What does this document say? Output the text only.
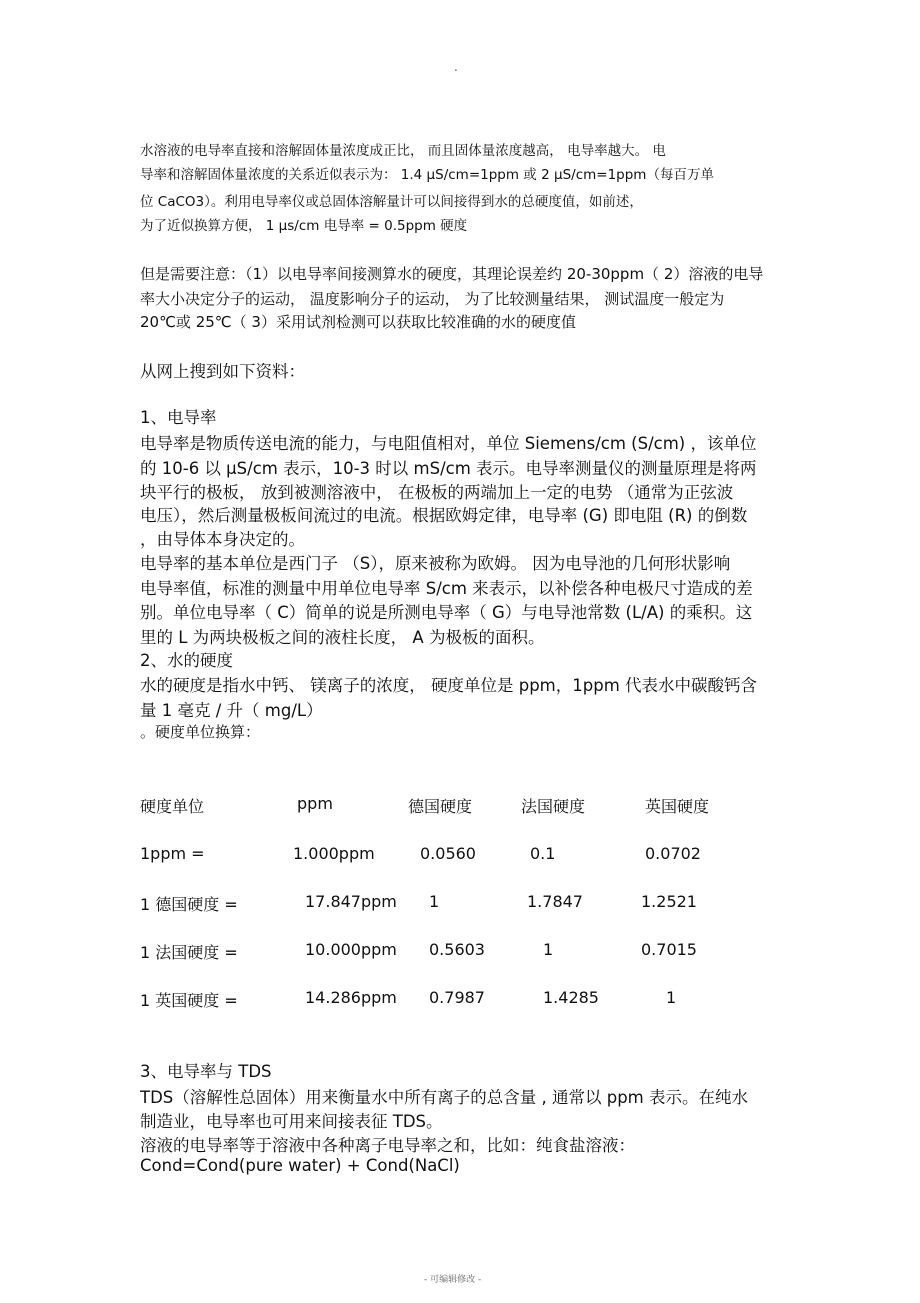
.
水溶液的电导率直接和溶解固体量浓度成正比， 而且固体量浓度越高， 电导率越大。 电
导率和溶解固体量浓度的关系近似表示为： 1.4 μS/cm=1ppm 或 2 μS/cm=1ppm（每百万单
位 CaCO3）。利用电导率仪或总固体溶解量计可以间接得到水的总硬度值，如前述，
为了近似换算方便， 1 μs/cm 电导率 = 0.5ppm 硬度
但是需要注意：（1）以电导率间接测算水的硬度，其理论误差约 20-30ppm（ 2）溶液的电导
率大小决定分子的运动， 温度影响分子的运动， 为了比较测量结果， 测试温度一般定为
20℃或 25℃（ 3）采用试剂检测可以获取比较准确的水的硬度值
从网上搜到如下资料：
1、电导率
电导率是物质传送电流的能力，与电阻值相对，单位 Siemens/cm (S/cm) ，该单位
的 10-6 以 μS/cm 表示，10-3 时以 mS/cm 表示。电导率测量仪的测量原理是将两
块平行的极板， 放到被测溶液中， 在极板的两端加上一定的电势 （通常为正弦波
电压），然后测量极板间流过的电流。根据欧姆定律，电导率 (G) 即电阻 (R) 的倒数
，由导体本身决定的。
电导率的基本单位是西门子 （S），原来被称为欧姆。 因为电导池的几何形状影响
电导率值，标准的测量中用单位电导率 S/cm 来表示，以补偿各种电极尺寸造成的差
别。单位电导率（ C）简单的说是所测电导率（ G）与电导池常数 (L/A) 的乘积。这
里的 L 为两块极板之间的液柱长度， A 为极板的面积。
2、水的硬度
水的硬度是指水中钙、 镁离子的浓度， 硬度单位是 ppm，1ppm 代表水中碳酸钙含
量 1 毫克 / 升（ mg/L）
。硬度单位换算：
硬度单位	ppm	德国硬度	法国硬度	英国硬度
1ppm =	1.000ppm	0.0560	0.1	0.0702
1 德国硬度 =	17.847ppm 1	1.7847	1.2521
1 法国硬度 =	10.000ppm 0.5603	1	0.7015
1 英国硬度 =	14.286ppm 0.7987	1.4285	1
3、电导率与 TDS
TDS（溶解性总固体）用来衡量水中所有离子的总含量 , 通常以 ppm 表示。在纯水
制造业，电导率也可用来间接表征 TDS。
溶液的电导率等于溶液中各种离子电导率之和，比如：纯食盐溶液：
Cond=Cond(pure water) + Cond(NaCl)
- 可编辑修改 -
